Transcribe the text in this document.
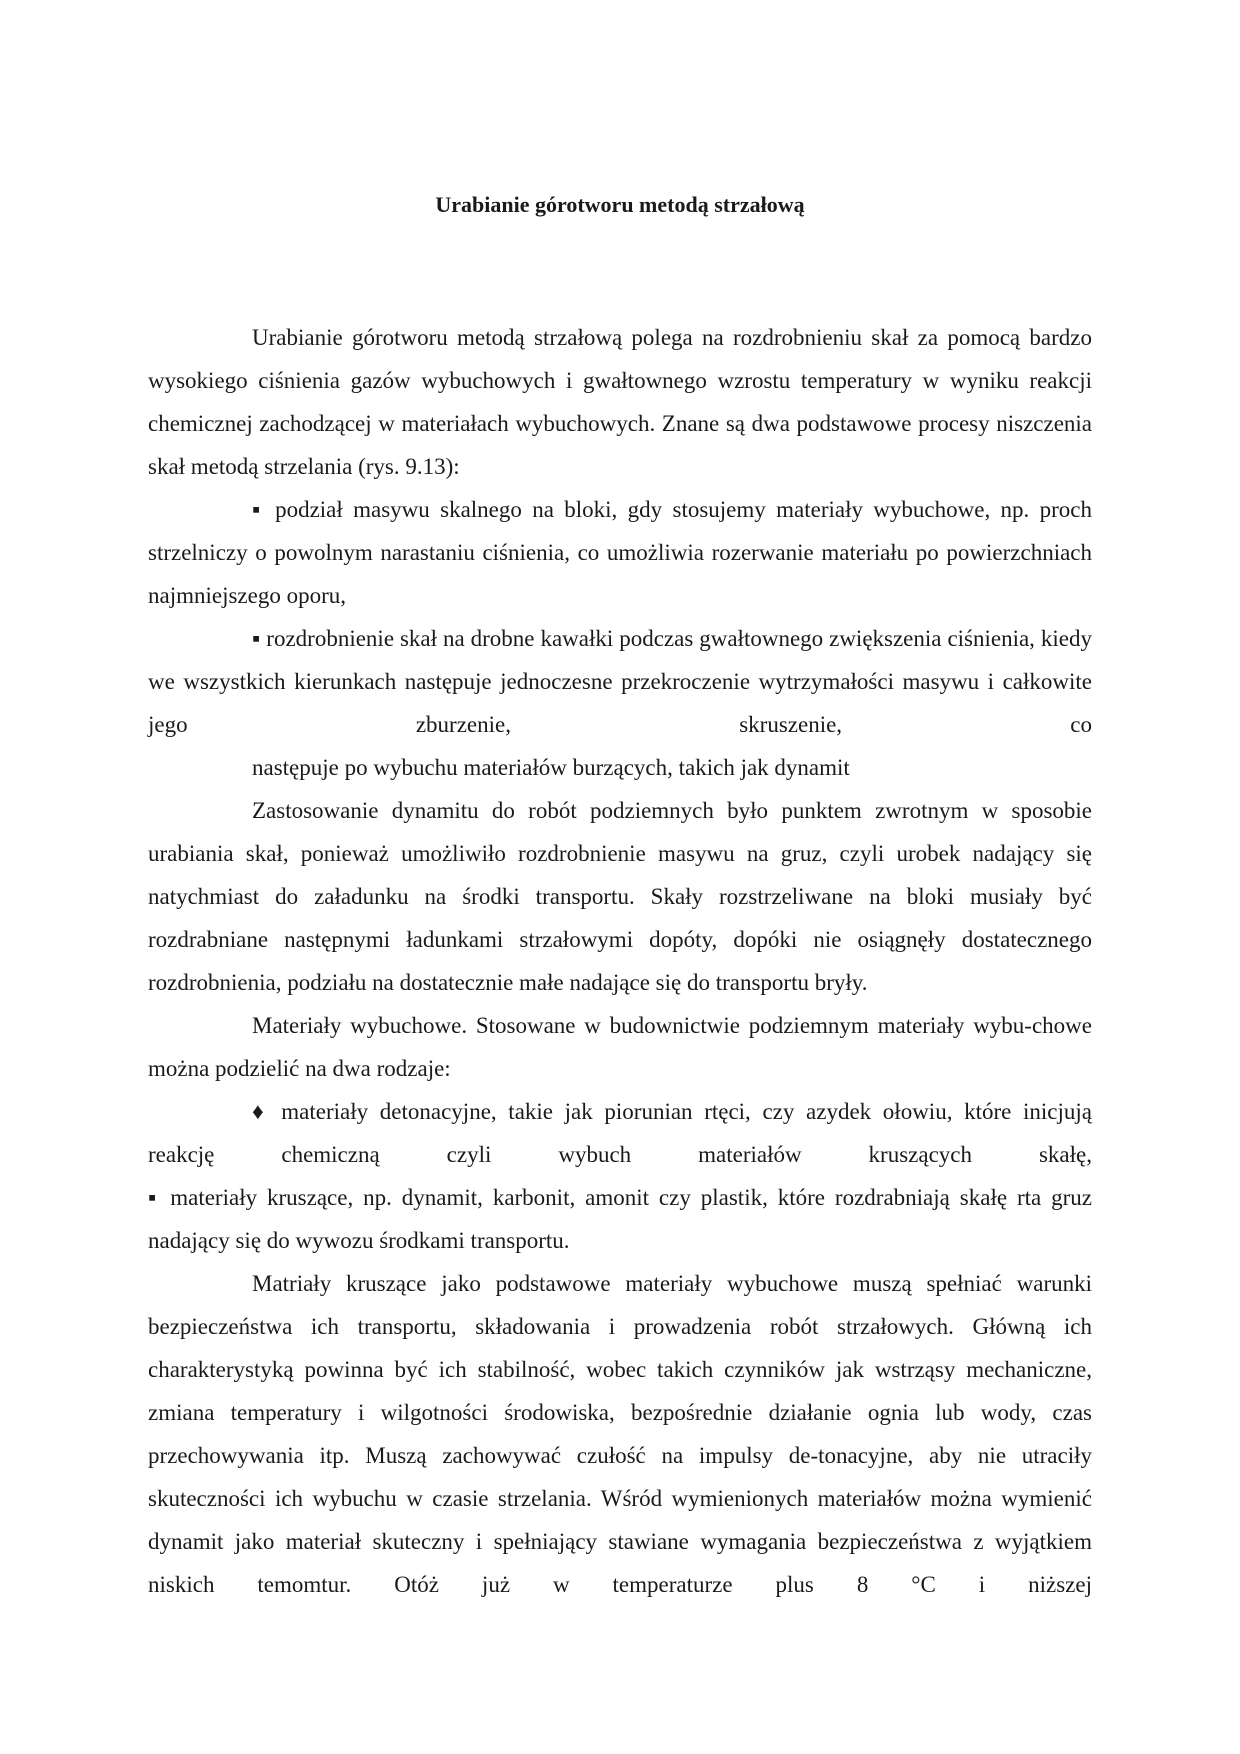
Urabianie górotworu metodą strzałową

Urabianie górotworu metodą strzałową polega na rozdrobnieniu skał za pomocą bardzo wysokiego ciśnienia gazów wybuchowych i gwałtownego wzrostu temperatury w wyniku reakcji chemicznej zachodzącej w materiałach wybuchowych. Znane są dwa podstawowe procesy niszczenia skał metodą strzelania (rys. 9.13):

▪ podział masywu skalnego na bloki, gdy stosujemy materiały wybuchowe, np. proch strzelniczy o powolnym narastaniu ciśnienia, co umożliwia rozerwanie materiału po powierzchniach najmniejszego oporu,

▪ rozdrobnienie skał na drobne kawałki podczas gwałtownego zwiększenia ciśnienia, kiedy we wszystkich kierunkach następuje jednoczesne przekroczenie wytrzymałości masywu i całkowite jego zburzenie, skruszenie, co

następuje po wybuchu materiałów burzących, takich jak dynamit

Zastosowanie dynamitu do robót podziemnych było punktem zwrotnym w sposobie urabiania skał, ponieważ umożliwiło rozdrobnienie masywu na gruz, czyli urobek nadający się natychmiast do załadunku na środki transportu. Skały rozstrzeliwane na bloki musiały być rozdrabniane następnymi ładunkami strzałowymi dopóty, dopóki nie osiągnęły dostatecznego rozdrobnienia, podziału na dostatecznie małe nadające się do transportu bryły.

Materiały wybuchowe. Stosowane w budownictwie podziemnym materiały wybu-chowe można podzielić na dwa rodzaje:

♦ materiały detonacyjne, takie jak piorunian rtęci, czy azydek ołowiu, które inicjują reakcję chemiczną czyli wybuch materiałów kruszących skałę,

▪ materiały kruszące, np. dynamit, karbonit, amonit czy plastik, które rozdrabniają skałę rta gruz nadający się do wywozu środkami transportu.

Matriały kruszące jako podstawowe materiały wybuchowe muszą spełniać warunki bezpieczeństwa ich transportu, składowania i prowadzenia robót strzałowych. Główną ich charakterystyką powinna być ich stabilność, wobec takich czynników jak wstrząsy mechaniczne, zmiana temperatury i wilgotności środowiska, bezpośrednie działanie ognia lub wody, czas przechowywania itp. Muszą zachowywać czułość na impulsy de-tonacyjne, aby nie utraciły skuteczności ich wybuchu w czasie strzelania. Wśród wymienionych materiałów można wymienić dynamit jako materiał skuteczny i spełniający stawiane wymagania bezpieczeństwa z wyjątkiem niskich temomtur. Otóż już w temperaturze plus 8 °C i niższej
